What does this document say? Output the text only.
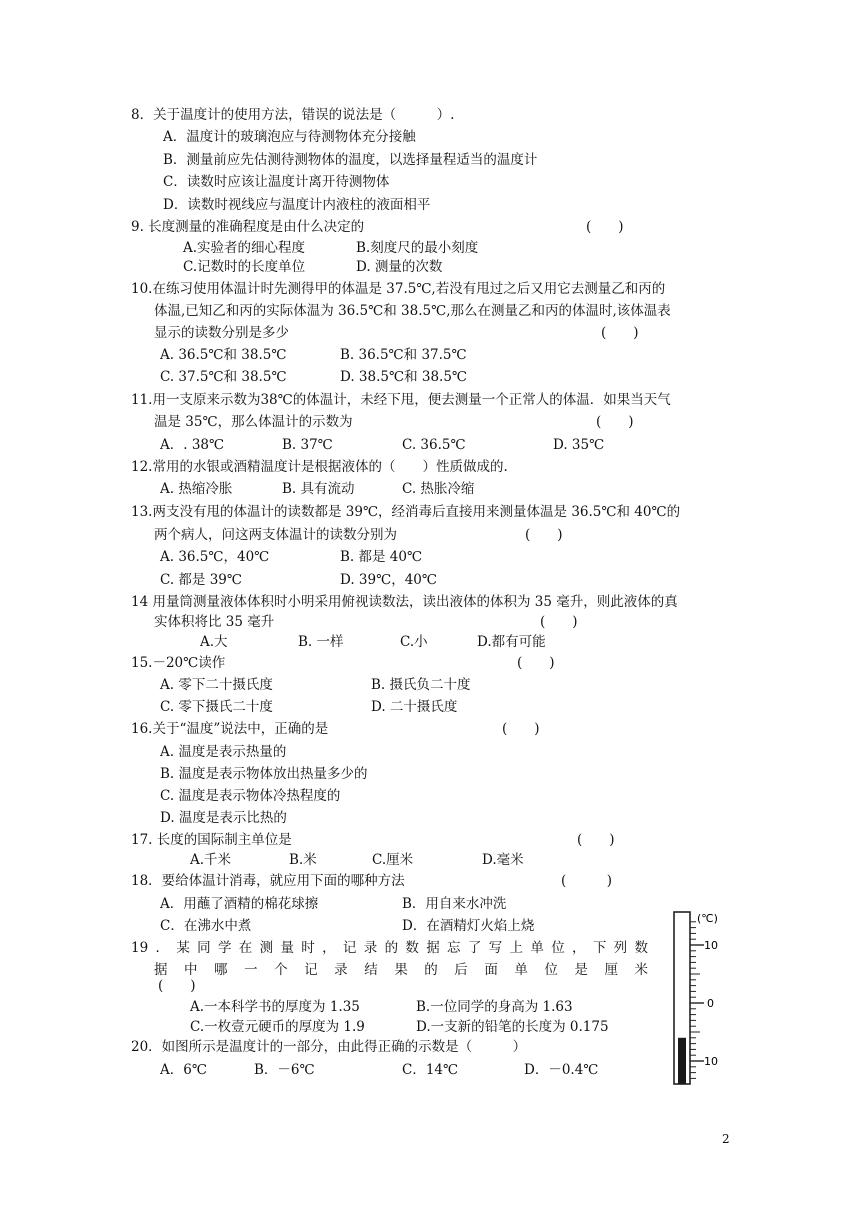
8．关于温度计的使用方法，错误的说法是（　　　）.
A．温度计的玻璃泡应与待测物体充分接触
B．测量前应先估测待测物体的温度，以选择量程适当的温度计
C．读数时应该让温度计离开待测物体
D．读数时视线应与温度计内液柱的液面相平
9. 长度测量的准确程度是由什么决定的	(　　)
A.实验者的细心程度	B.刻度尺的最小刻度
C.记数时的长度单位	D. 测量的次数
10.在练习使用体温计时先测得甲的体温是 37.5℃,若没有甩过之后又用它去测量乙和丙的
体温,已知乙和丙的实际体温为 36.5℃和 38.5℃,那么在测量乙和丙的体温时,该体温表
显示的读数分别是多少	(　　)
A. 36.5℃和 38.5℃	B. 36.5℃和 37.5℃
C. 37.5℃和 38.5℃	D. 38.5℃和 38.5℃
11.用一支原来示数为38℃的体温计，未经下甩，便去测量一个正常人的体温．如果当天气
温是 35℃，那么体温计的示数为	(　　)
A．. 38℃	B. 37℃	C. 36.5℃	D. 35℃
12.常用的水银或酒精温度计是根据液体的（　　）性质做成的.
A. 热缩冷胀	B. 具有流动	C. 热胀冷缩
13.两支没有甩的体温计的读数都是 39℃，经消毒后直接用来测量体温是 36.5℃和 40℃的
两个病人，问这两支体温计的读数分别为	(　　)
A. 36.5℃，40℃	B. 都是 40℃
C. 都是 39℃	D. 39℃，40℃
14 用量筒测量液体体积时小明采用俯视读数法，读出液体的体积为 35 毫升，则此液体的真
实体积将比 35 毫升	(　　)
A.大	B. 一样	C.小	D.都有可能
15.－20℃读作	(　　)
A. 零下二十摄氏度	B. 摄氏负二十度
C. 零下摄氏二十度	D. 二十摄氏度
16.关于“温度”说法中，正确的是	(　　)
A. 温度是表示热量的
B. 温度是表示物体放出热量多少的
C. 温度是表示物体冷热程度的
D. 温度是表示比热的
17. 长度的国际制主单位是	(　　)
A.千米	B.米	C.厘米	D.毫米
18．要给体温计消毒，就应用下面的哪种方法	(　　　)
A．用蘸了酒精的棉花球擦	B．用自来水冲洗
C．在沸水中煮	D．在酒精灯火焰上烧
19．某同学在测量时，记录的数据忘了写上单位，下列数
据中哪一个记录结果的后面单位是厘米
(　　)
A.一本科学书的厚度为 1.35	B.一位同学的身高为 1.63
C.一枚壹元硬币的厚度为 1.9	D.一支新的铅笔的长度为 0.175
20．如图所示是温度计的一部分，由此得正确的示数是（　　　）
A．6℃	B．－6℃	C．14℃	D．－0.4℃
(℃)
10
0
10
2
